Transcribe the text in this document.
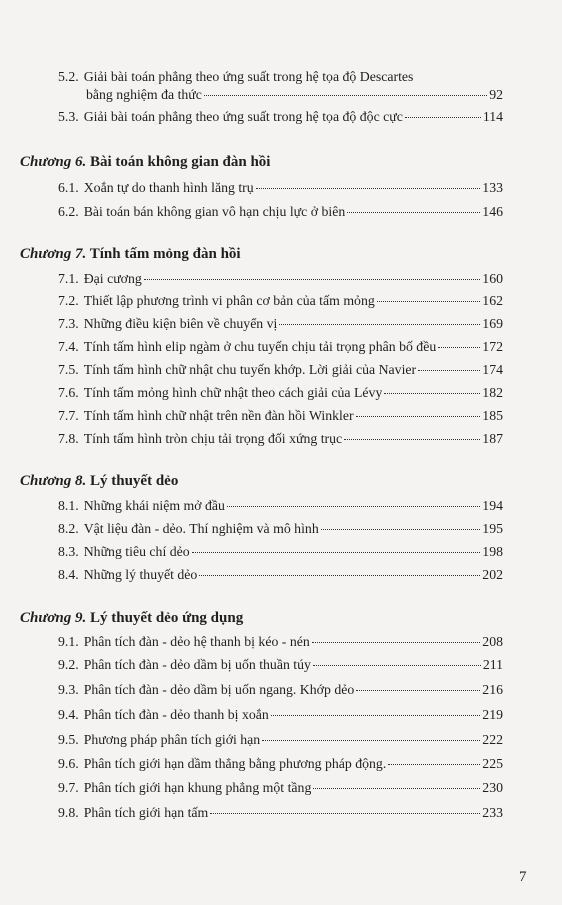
5.2. Giải bài toán phẳng theo ứng suất trong hệ tọa độ Descartes
bằng nghiệm đa thức	92
5.3. Giải bài toán phẳng theo ứng suất trong hệ tọa độ độc cực	114
Chương 6. Bài toán không gian đàn hồi
6.1. Xoắn tự do thanh hình lăng trụ	133
6.2. Bài toán bán không gian vô hạn chịu lực ở biên	146
Chương 7. Tính tấm mỏng đàn hồi
7.1. Đại cương	160
7.2. Thiết lập phương trình vi phân cơ bản của tấm mỏng	162
7.3. Những điều kiện biên về chuyển vị	169
7.4. Tính tấm hình elip ngàm ở chu tuyến chịu tải trọng phân bố đều	172
7.5. Tính tấm hình chữ nhật chu tuyến khớp. Lời giải của Navier	174
7.6. Tính tấm mỏng hình chữ nhật theo cách giải của Lévy	182
7.7. Tính tấm hình chữ nhật trên nền đàn hồi Winkler	185
7.8. Tính tấm hình tròn chịu tải trọng đối xứng trục	187
Chương 8. Lý thuyết dẻo
8.1. Những khái niệm mở đầu	194
8.2. Vật liệu đàn - dẻo. Thí nghiệm và mô hình	195
8.3. Những tiêu chí dẻo	198
8.4. Những lý thuyết dẻo	202
Chương 9. Lý thuyết dẻo ứng dụng
9.1. Phân tích đàn - dẻo hệ thanh bị kéo - nén	208
9.2. Phân tích đàn - dẻo dầm bị uốn thuần túy	211
9.3. Phân tích đàn - dẻo dầm bị uốn ngang. Khớp dẻo	216
9.4. Phân tích đàn - dẻo thanh bị xoắn	219
9.5. Phương pháp phân tích giới hạn	222
9.6. Phân tích giới hạn dầm thẳng bằng phương pháp động.	225
9.7. Phân tích giới hạn khung phẳng một tầng	230
9.8. Phân tích giới hạn tấm	233
7
